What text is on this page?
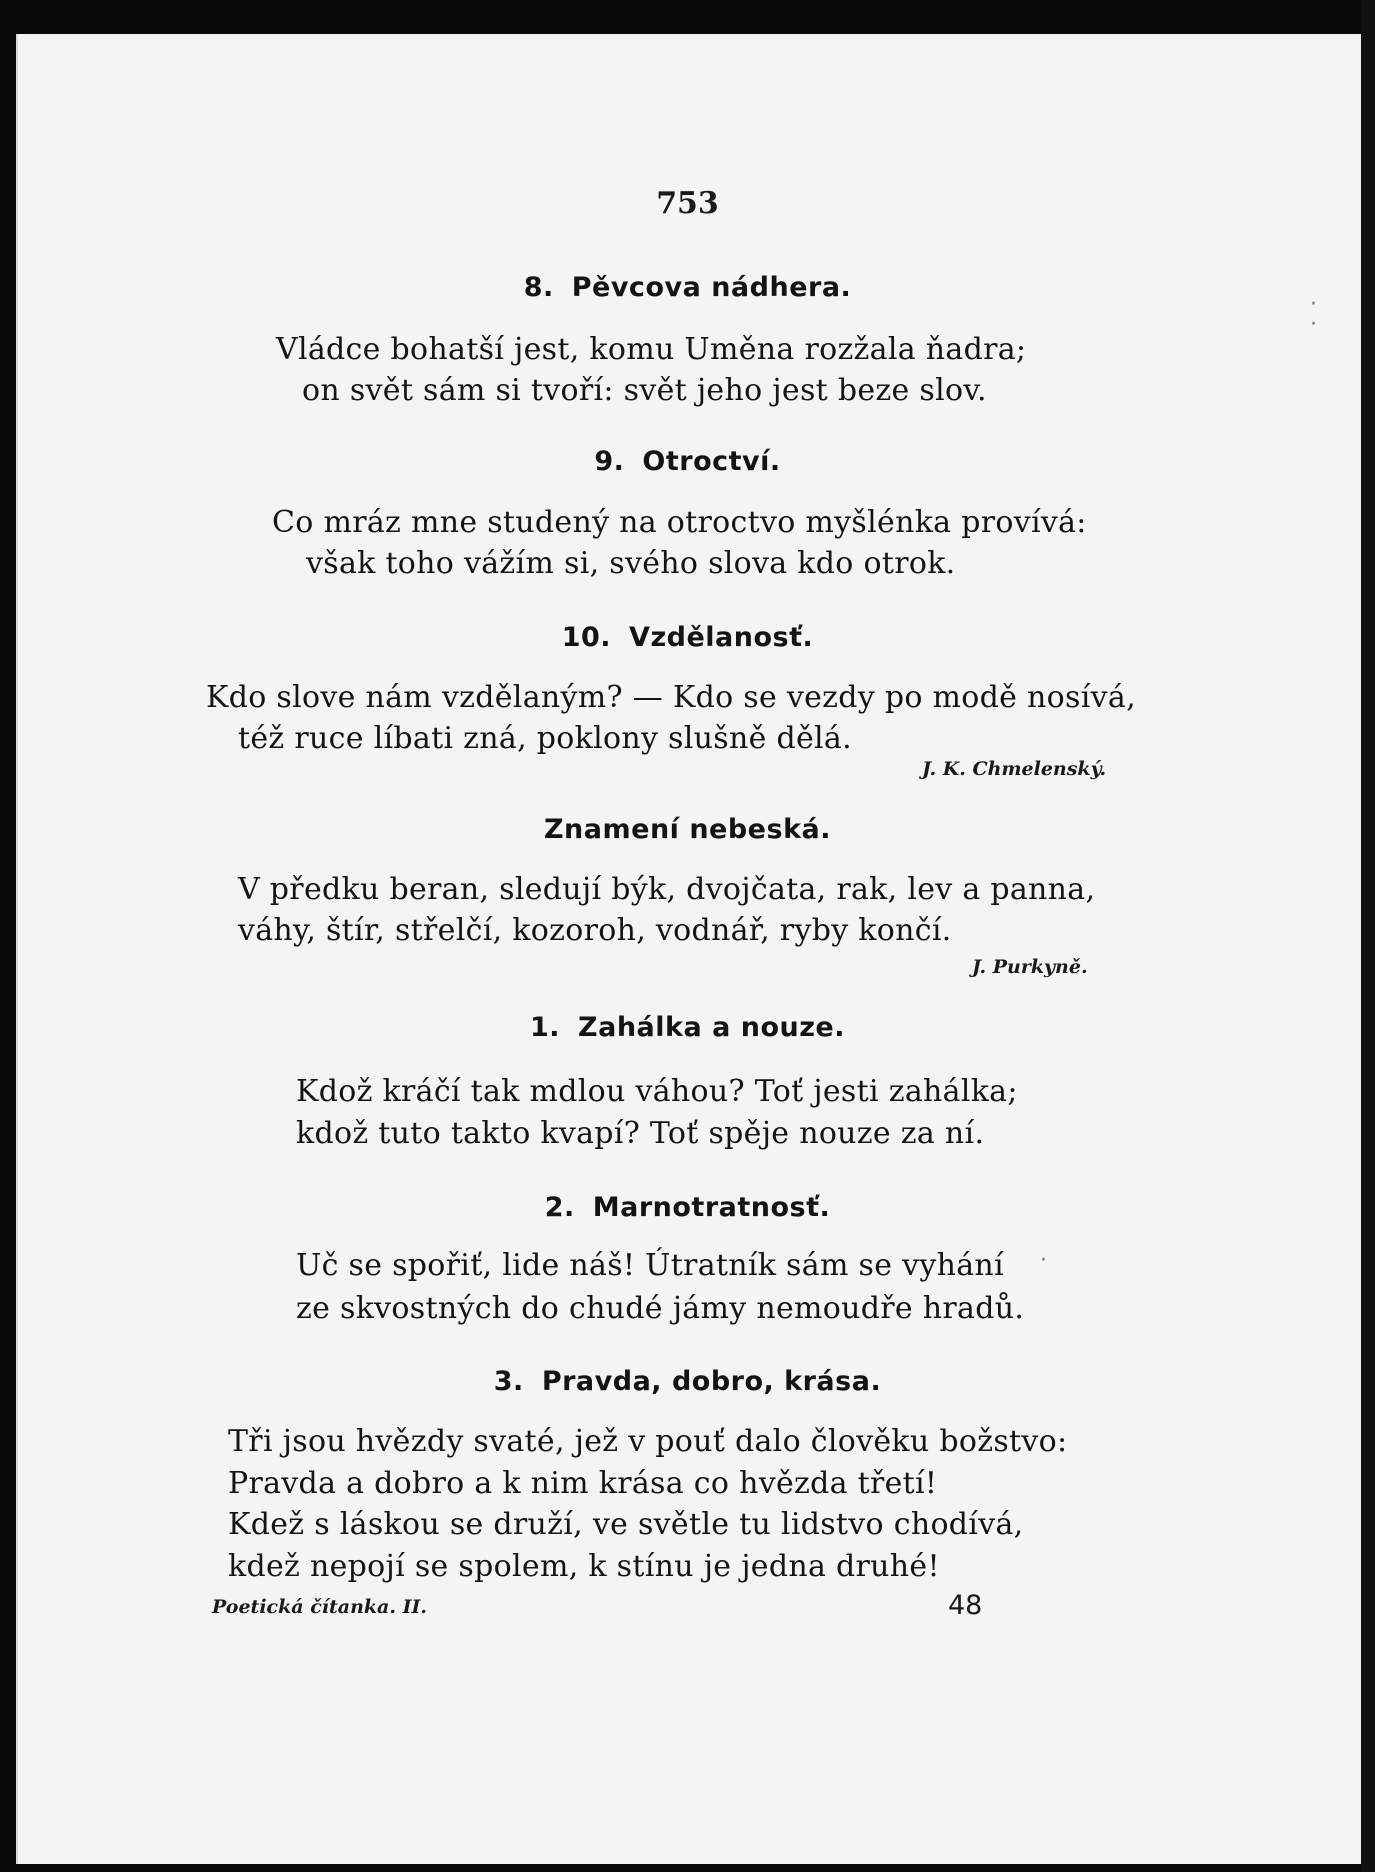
753
8. Pěvcova nádhera.
Vládce bohatší jest, komu Uměna rozžala ňadra;
on svět sám si tvoří: svět jeho jest beze slov.
9. Otroctví.
Co mráz mne studený na otroctvo myšlénka provívá:
však toho vážím si, svého slova kdo otrok.
10. Vzdělanosť.
Kdo slove nám vzdělaným? — Kdo se vezdy po modě nosívá,
též ruce líbati zná, poklony slušně dělá.
J. K. Chmelenský.
Znamení nebeská.
V předku beran, sledují býk, dvojčata, rak, lev a panna,
váhy, štír, střelčí, kozoroh, vodnář, ryby končí.
J. Purkyně.
1. Zahálka a nouze.
Kdož kráčí tak mdlou váhou? Toť jesti zahálka;
kdož tuto takto kvapí? Toť spěje nouze za ní.
2. Marnotratnosť.
Uč se spořiť, lide náš! Útratník sám se vyhání
ze skvostných do chudé jámy nemoudře hradů.
3. Pravda, dobro, krása.
Tři jsou hvězdy svaté, jež v pouť dalo člověku božstvo:
Pravda a dobro a k nim krása co hvězda třetí!
Kdež s láskou se druží, ve světle tu lidstvo chodívá,
kdež nepojí se spolem, k stínu je jedna druhé!
Poetická čítanka. II.	48
·
·
·
